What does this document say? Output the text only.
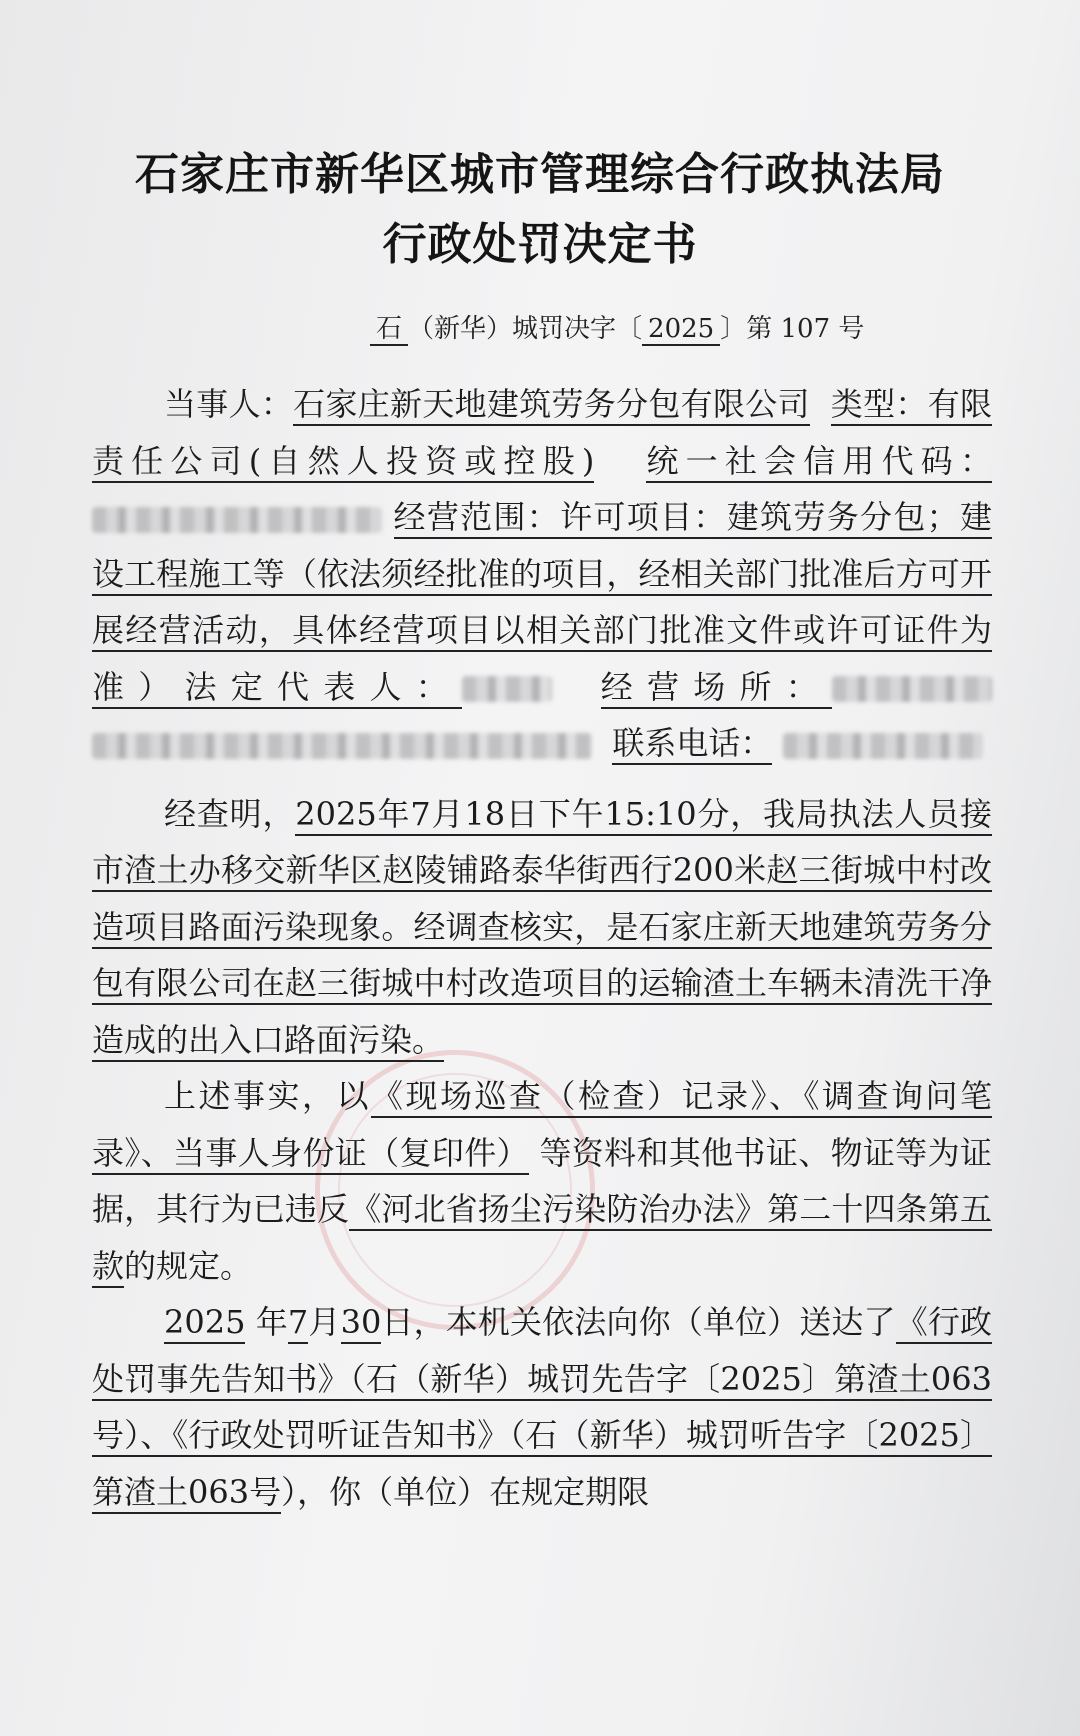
石家庄市新华区城市管理综合行政执法局
行政处罚决定书
石 （新华）城罚决字〔 2025 〕第 107 号

当事人：石家庄新天地建筑劳务分包有限公司 类型：有限责任公司(自然人投资或控股) 统一社会信用代码：  经营范围：许可项目：建筑劳务分包；建设工程施工等（依法须经批准的项目，经相关部门批准后方可开展经营活动，具体经营项目以相关部门批准文件或许可证件为准）法定代表人：	经营场所：   联系电话：

经查明，2025年7月18日下午15:10分，我局执法人员接市渣土办移交新华区赵陵铺路泰华街西行200米赵三街城中村改造项目路面污染现象。经调查核实，是石家庄新天地建筑劳务分包有限公司在赵三街城中村改造项目的运输渣土车辆未清洗干净造成的出入口路面污染。

上述事实，以《现场巡查（检查）记录》、《调查询问笔录》、当事人身份证（复印件） 等资料和其他书证、物证等为证据，其行为已违反《河北省扬尘污染防治办法》第二十四条第五款的规定。

2025 年7月30日，本机关依法向你（单位）送达了《行政处罚事先告知书》（石（新华）城罚先告字〔2025〕第渣土063号）、《行政处罚听证告知书》（石（新华）城罚听告字〔2025〕第渣土063号），你（单位）在规定期限
